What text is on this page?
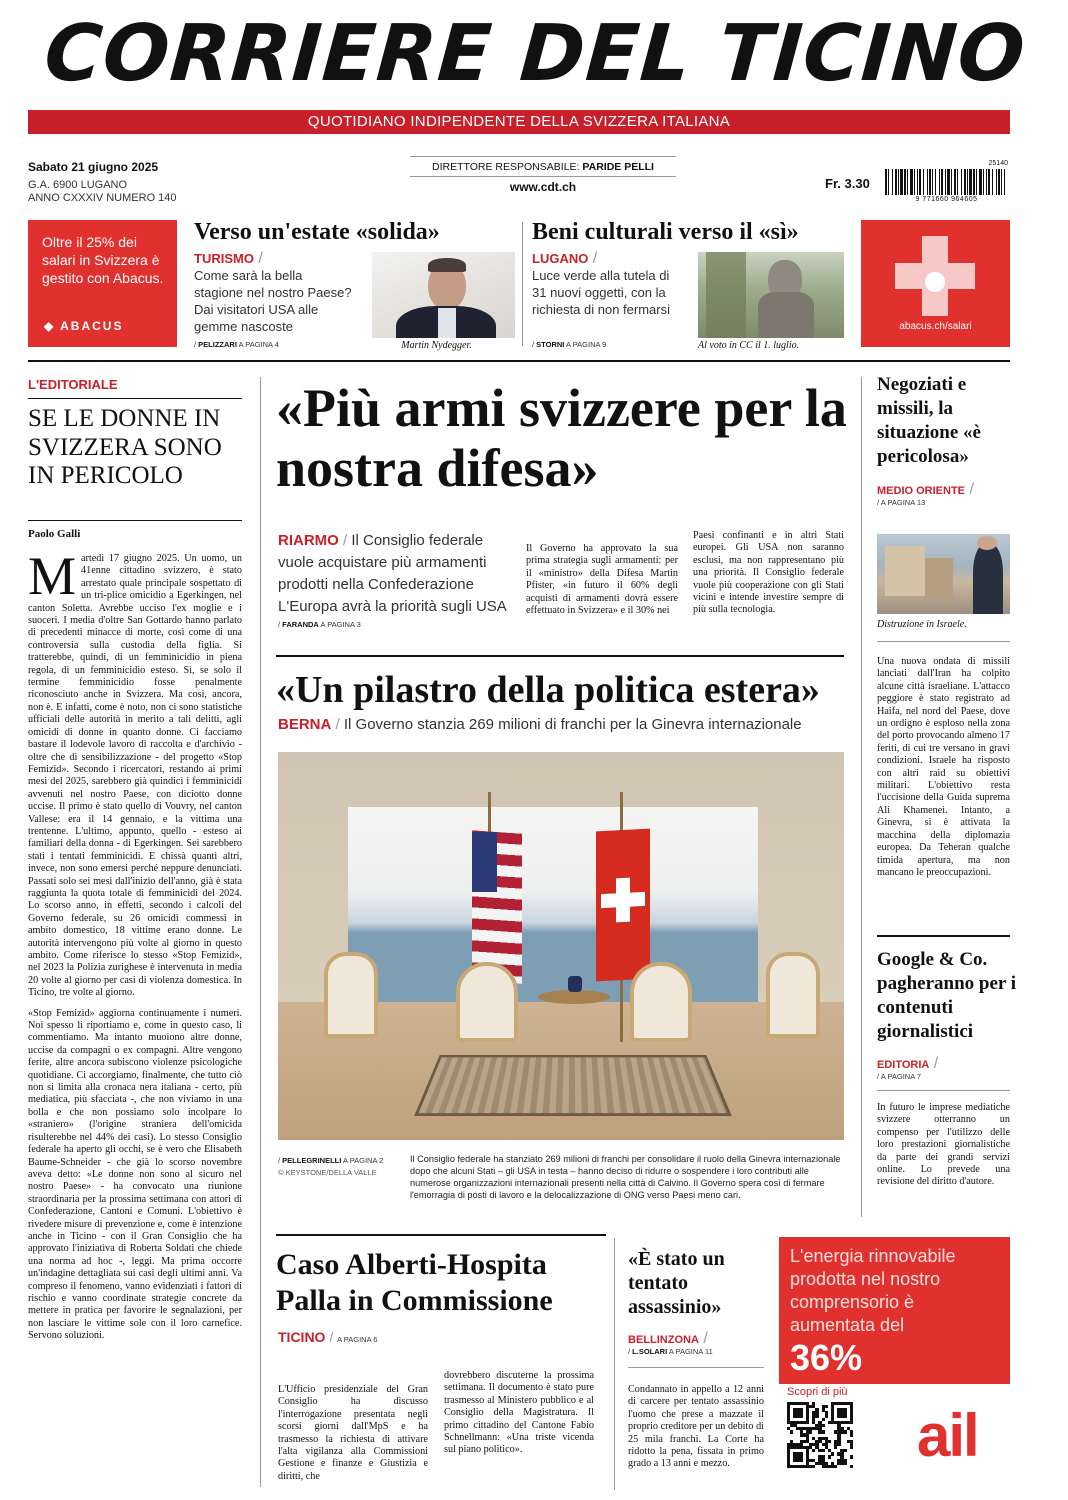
CORRIERE DEL TICINO
QUOTIDIANO INDIPENDENTE DELLA SVIZZERA ITALIANA
Sabato 21 giugno 2025
G.A. 6900 LUGANO
ANNO CXXXIV NUMERO 140
DIRETTORE RESPONSABILE: PARIDE PELLI
www.cdt.ch	Fr. 3.30
25140
9 771660 964605
Oltre il 25% dei salari in Svizzera è gestito con Abacus.
◆ ABACUS
Verso un'estate «solida»
TURISMO /
Come sarà la bella stagione nel nostro Paese? Dai visitatori USA alle gemme nascoste
/ PELIZZARI A PAGINA 4	Martin Nydegger.
Beni culturali verso il «sì»
LUGANO /
Luce verde alla tutela di 31 nuovi oggetti, con la richiesta di non fermarsi
/ STORNI A PAGINA 9	Al voto in CC il 1. luglio.
abacus.ch/salari
L'EDITORIALE
SE LE DONNE IN SVIZZERA SONO IN PERICOLO
Paolo Galli
Martedì 17 giugno 2025. Un uomo, un 41enne cittadino svizzero, è stato arrestato quale principale sospettato di un tri-plice omicidio a Egerkingen, nel canton Soletta. Avrebbe ucciso l'ex moglie e i suoceri. I media d'oltre San Gottardo hanno parlato di precedenti minacce di morte, così come di una controversia sulla custodia della figlia. Si tratterebbe, quindi, di un femminicidio in piena regola, di un femminicidio esteso. Sì, se solo il termine femminicidio fosse penalmente riconosciuto anche in Svizzera. Ma così, ancora, non è. E infatti, come è noto, non ci sono statistiche ufficiali delle autorità in merito a tali delitti, agli omicidi di donne in quanto donne. Ci facciamo bastare il lodevole lavoro di raccolta e d'archivio - oltre che di sensibilizzazione - del progetto «Stop Femizid». Secondo i ricercatori, restando ai primi mesi del 2025, sarebbero già quindici i femminicidi avvenuti nel nostro Paese, con diciotto donne uccise. Il primo è stato quello di Vouvry, nel canton Vallese: era il 14 gennaio, e la vittima una trentenne. L'ultimo, appunto, quello - esteso ai familiari della donna - di Egerkingen. Sei sarebbero stati i tentati femminicidi. E chissà quanti altri, invece, non sono emersi perché neppure denunciati. Passati solo sei mesi dall'inizio dell'anno, già è stata raggiunta la quota totale di femminicidi del 2024. Lo scorso anno, in effetti, secondo i calcoli del Governo federale, su 26 omicidi commessi in ambito domestico, 18 vittime erano donne. Le autorità intervengono più volte al giorno in questo ambito. Come riferisce lo stesso «Stop Femizid», nel 2023 la Polizia zurighese è intervenuta in media 20 volte al giorno per casi di violenza domestica. In Ticino, tre volte al giorno.
«Stop Femizid» aggiorna continuamente i numeri. Noi spesso li riportiamo e, come in questo caso, li commentiamo. Ma intanto muoiono altre donne, uccise da compagni o ex compagni. Altre vengono ferite, altre ancora subiscono violenze psicologiche quotidiane. Ci accorgiamo, finalmente, che tutto ciò non si limita alla cronaca nera italiana - certo, più mediatica, più sfacciata -, che non viviamo in una bolla e che non possiamo solo incolpare lo «straniero» (l'origine straniera dell'omicida risulterebbe nel 44% dei casi). Lo stesso Consiglio federale ha aperto gli occhi, se è vero che Elisabeth Baume-Schneider - che già lo scorso novembre aveva detto: «Le donne non sono al sicuro nel nostro Paese» - ha convocato una riunione straordinaria per la prossima settimana con attori di Confederazione, Cantoni e Comuni. L'obiettivo è rivedere misure di prevenzione e, come è intenzione anche in Ticino - con il Gran Consiglio che ha approvato l'iniziativa di Roberta Soldati che chiede una norma ad hoc -, leggi. Ma prima occorre un'indagine dettagliata sui casi degli ultimi anni. Va compreso il fenomeno, vanno evidenziati i fattori di rischio e vanno coordinate strategie concrete da mettere in pratica per favorire le segnalazioni, per non lasciare le vittime sole con il loro carnefice. Servono soluzioni.
«Più armi svizzere per la nostra difesa»
RIARMO / Il Consiglio federale vuole acquistare più armamenti prodotti nella Confederazione L'Europa avrà la priorità sugli USA
/ FARANDA A PAGINA 3
Il Governo ha approvato la sua prima strategia sugli armamenti: per il «ministro» della Difesa Martin Pfister, «in futuro il 60% degli acquisti di armamenti dovrà essere effettuato in Svizzera» e il 30% nei
Paesi confinanti e in altri Stati europei. Gli USA non saranno esclusi, ma non rappresentano più una priorità. Il Consiglio federale vuole più cooperazione con gli Stati vicini e intende investire sempre di più sulla tecnologia.
«Un pilastro della politica estera»
BERNA / Il Governo stanzia 269 milioni di franchi per la Ginevra internazionale
/ PELLEGRINELLI A PAGINA 2
© KEYSTONE/DELLA VALLE
Il Consiglio federale ha stanziato 269 milioni di franchi per consolidare il ruolo della Ginevra internazionale dopo che alcuni Stati – gli USA in testa – hanno deciso di ridurre o sospendere i loro contributi alle numerose organizzazioni internazionali presenti nella città di Calvino. Il Governo spera così di fermare l'emorragia di posti di lavoro e la delocalizzazione di ONG verso Paesi meno cari.
Caso Alberti-Hospita Palla in Commissione
TICINO / A PAGINA 6
L'Ufficio presidenziale del Gran Consiglio ha discusso l'interrogazione presentata negli scorsi giorni dall'MpS e ha trasmesso la richiesta di attivare l'alta vigilanza alla Commissioni Gestione e finanze e Giustizia e diritti, che
dovrebbero discuterne la prossima settimana. Il documento è stato pure trasmesso al Ministero pubblico e al Consiglio della Magistratura. Il primo cittadino del Cantone Fabio Schnellmann: «Una triste vicenda sul piano politico».
«È stato un tentato assassinio»
BELLINZONA /
/ L.SOLARI A PAGINA 11
Condannato in appello a 12 anni di carcere per tentato assassinio l'uomo che prese a mazzate il proprio creditore per un debito di 25 mila franchi. La Corte ha ridotto la pena, fissata in primo grado a 13 anni e mezzo.
L'energia rinnovabile prodotta nel nostro comprensorio è aumentata del
36%
Scopri di più
ail
Negoziati e missili, la situazione «è pericolosa»
MEDIO ORIENTE /
/ A PAGINA 13
Distruzione in Israele.
Una nuova ondata di missili lanciati dall'Iran ha colpito alcune città israeliane. L'attacco peggiore è stato registrato ad Haifa, nel nord del Paese, dove un ordigno è esploso nella zona del porto provocando almeno 17 feriti, di cui tre versano in gravi condizioni. Israele ha risposto con altri raid su obiettivi militari. L'obiettivo resta l'uccisione della Guida suprema Ali Khamenei. Intanto, a Ginevra, si è attivata la macchina della diplomazia europea. Da Teheran qualche timida apertura, ma non mancano le preoccupazioni.
Google & Co. pagheranno per i contenuti giornalistici
EDITORIA /
/ A PAGINA 7
In futuro le imprese mediatiche svizzere otterranno un compenso per l'utilizzo delle loro prestazioni giornalistiche da parte dei grandi servizi online. Lo prevede una revisione del diritto d'autore.
